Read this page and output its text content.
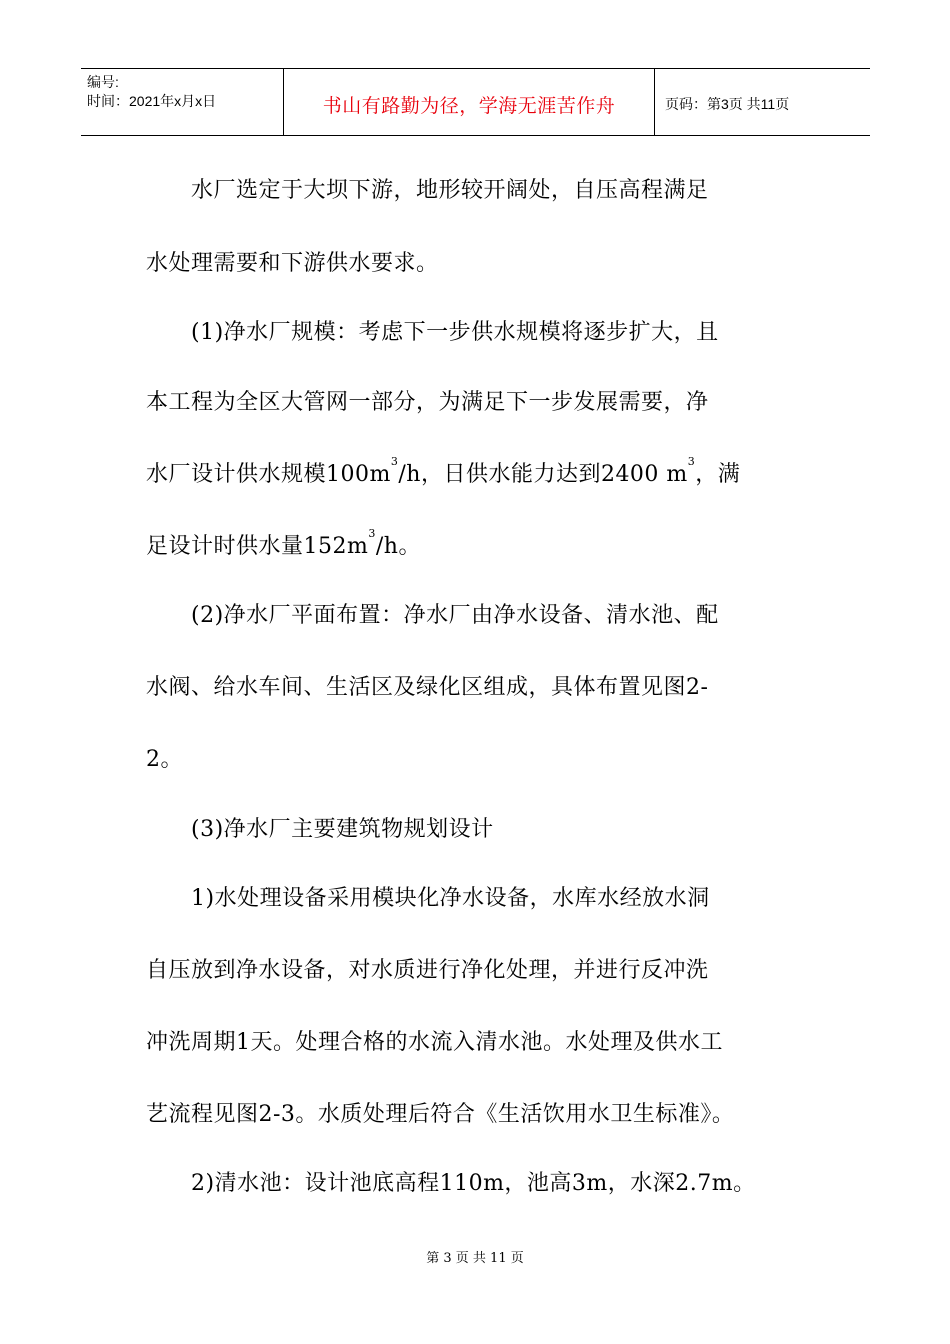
编号:
时间：2021年x月x日	书山有路勤为径，学海无涯苦作舟	页码：第3页 共11页

　　水厂选定于大坝下游，地形较开阔处，自压高程满足

水处理需要和下游供水要求。

　　(1)净水厂规模：考虑下一步供水规模将逐步扩大，且

本工程为全区大管网一部分，为满足下一步发展需要，净

水厂设计供水规模$100m^3/h$，日供水能力达到2400 $m^3$，满

足设计时供水量$152m^3/h$。

　　(2)净水厂平面布置：净水厂由净水设备、清水池、配

水阀、给水车间、生活区及绿化区组成，具体布置见图2-

2。

　　(3)净水厂主要建筑物规划设计

　　1)水处理设备采用模块化净水设备，水库水经放水洞

自压放到净水设备，对水质进行净化处理，并进行反冲洗

冲洗周期1天。处理合格的水流入清水池。水处理及供水工

艺流程见图2-3。水质处理后符合《生活饮用水卫生标准》。

　　2)清水池：设计池底高程110m，池高3m，水深2.7m。

第 3 页 共 11 页
